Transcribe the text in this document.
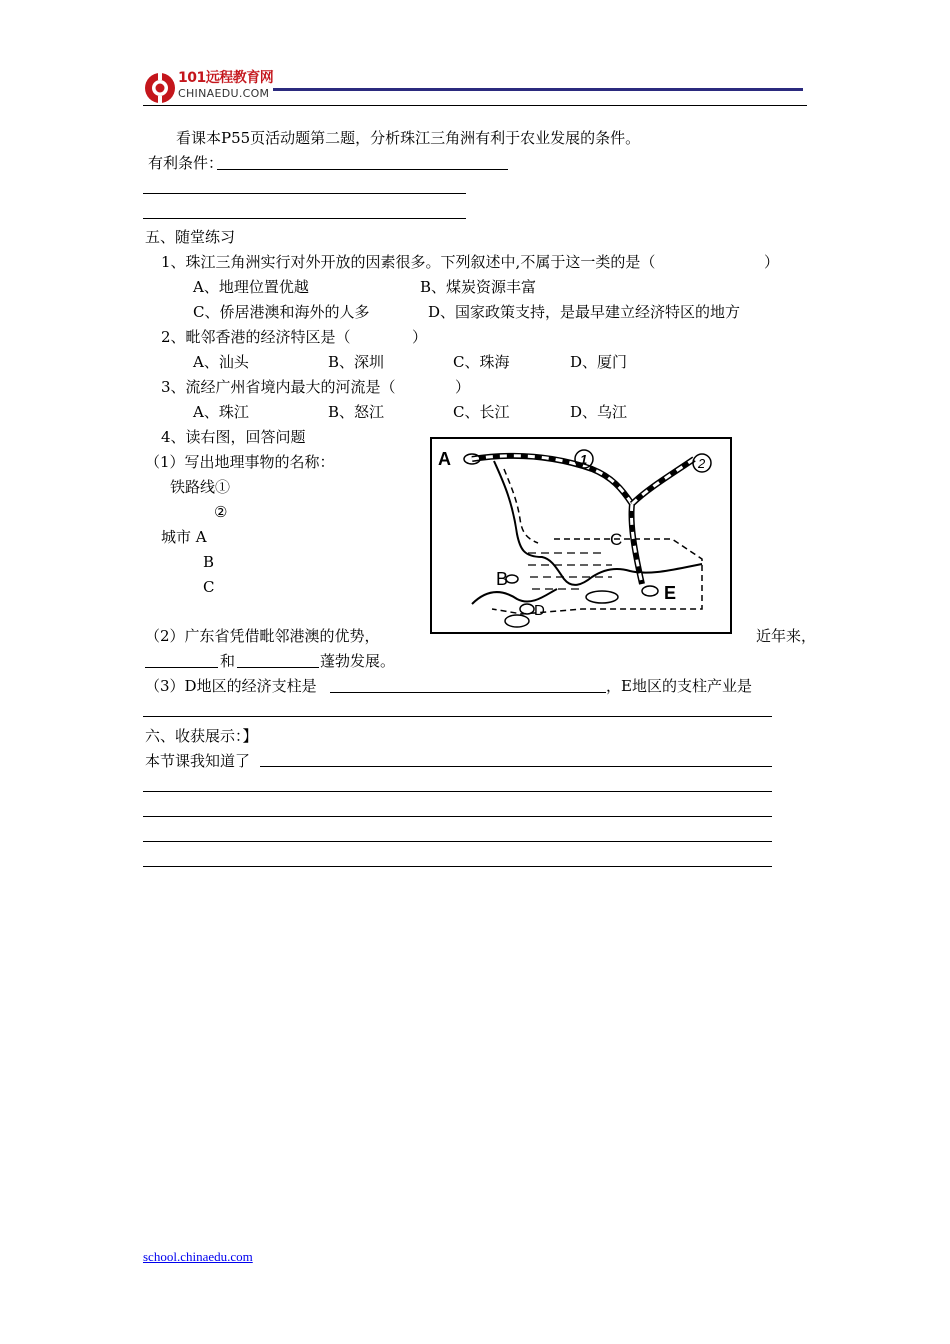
101远程教育网
CHINAEDU.COM
看课本P55页活动题第二题，分析珠江三角洲有利于农业发展的条件。
有利条件：
五、随堂练习
1、珠江三角洲实行对外开放的因素很多。下列叙述中,不属于这一类的是（	）
A、地理位置优越	B、煤炭资源丰富
C、侨居港澳和海外的人多	D、国家政策支持，是最早建立经济特区的地方
2、毗邻香港的经济特区是（	）
A、汕头	B、深圳	C、珠海	D、厦门
3、流经广州省境内最大的河流是（	）
A、珠江	B、怒江	C、长江	D、乌江
4、读右图，回答问题
（1）写出地理事物的名称：
铁路线①
②
城市 A
B
C
A
B
C
D
E
1	2
（2）广东省凭借毗邻港澳的优势，	近年来，
和	蓬勃发展。
（3）D地区的经济支柱是	，E地区的支柱产业是
六、收获展示：】
本节课我知道了
school.chinaedu.com
